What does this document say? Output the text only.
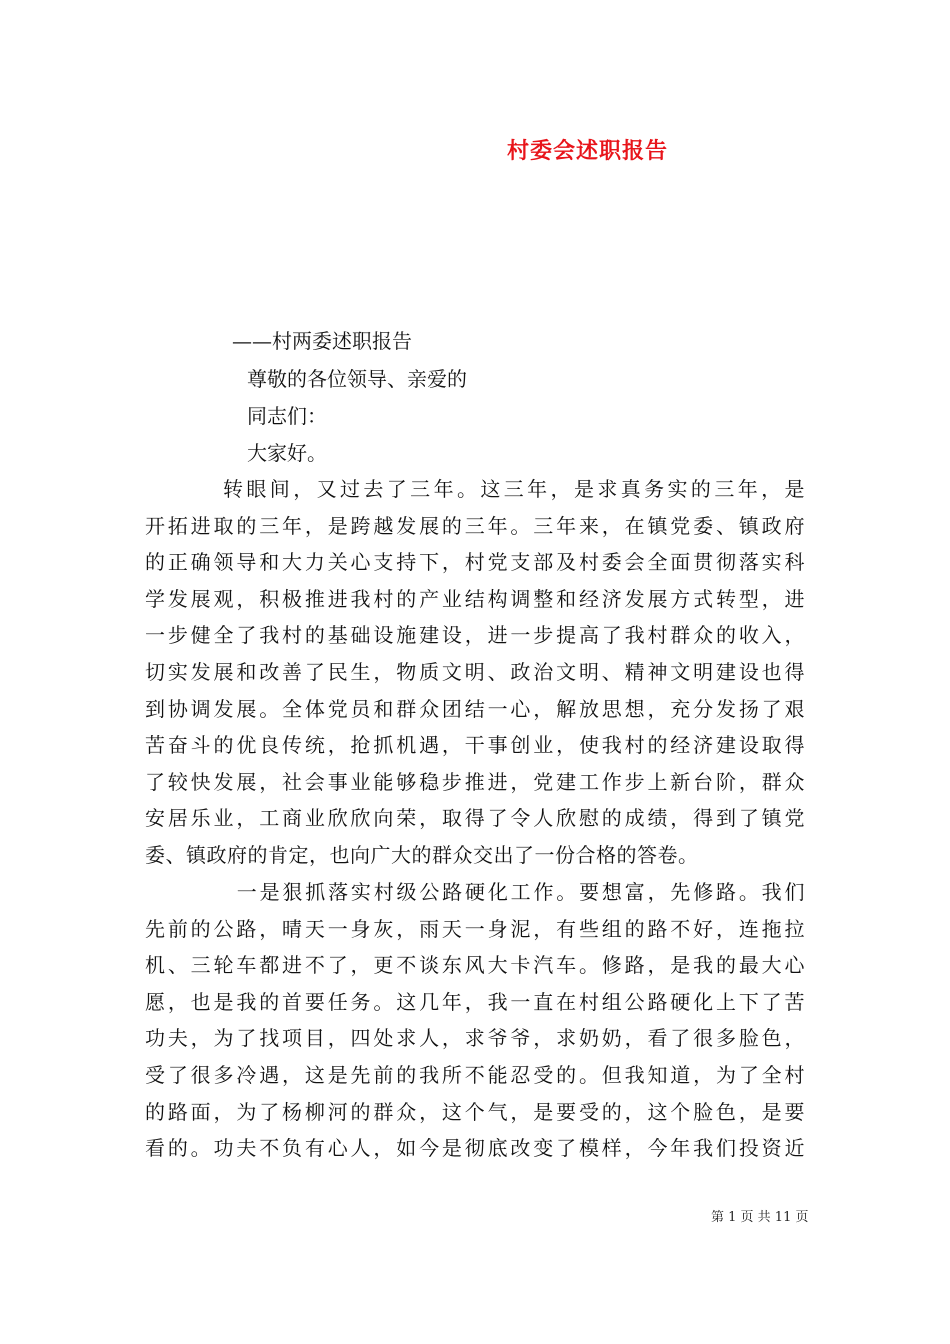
村委会述职报告
——村两委述职报告
尊敬的各位领导、亲爱的
同志们：
大家好。
转眼间，又过去了三年。这三年，是求真务实的三年，是
开拓进取的三年，是跨越发展的三年。三年来，在镇党委、镇政府
的正确领导和大力关心支持下，村党支部及村委会全面贯彻落实科
学发展观，积极推进我村的产业结构调整和经济发展方式转型，进
一步健全了我村的基础设施建设，进一步提高了我村群众的收入，
切实发展和改善了民生，物质文明、政治文明、精神文明建设也得
到协调发展。全体党员和群众团结一心，解放思想，充分发扬了艰
苦奋斗的优良传统，抢抓机遇，干事创业，使我村的经济建设取得
了较快发展，社会事业能够稳步推进，党建工作步上新台阶，群众
安居乐业，工商业欣欣向荣，取得了令人欣慰的成绩，得到了镇党
委、镇政府的肯定，也向广大的群众交出了一份合格的答卷。
一是狠抓落实村级公路硬化工作。要想富，先修路。我们
先前的公路，晴天一身灰，雨天一身泥，有些组的路不好，连拖拉
机、三轮车都进不了，更不谈东风大卡汽车。修路，是我的最大心
愿，也是我的首要任务。这几年，我一直在村组公路硬化上下了苦
功夫，为了找项目，四处求人，求爷爷，求奶奶，看了很多脸色，
受了很多冷遇，这是先前的我所不能忍受的。但我知道，为了全村
的路面，为了杨柳河的群众，这个气，是要受的，这个脸色，是要
看的。功夫不负有心人，如今是彻底改变了模样，今年我们投资近
第 1 页 共 11 页
